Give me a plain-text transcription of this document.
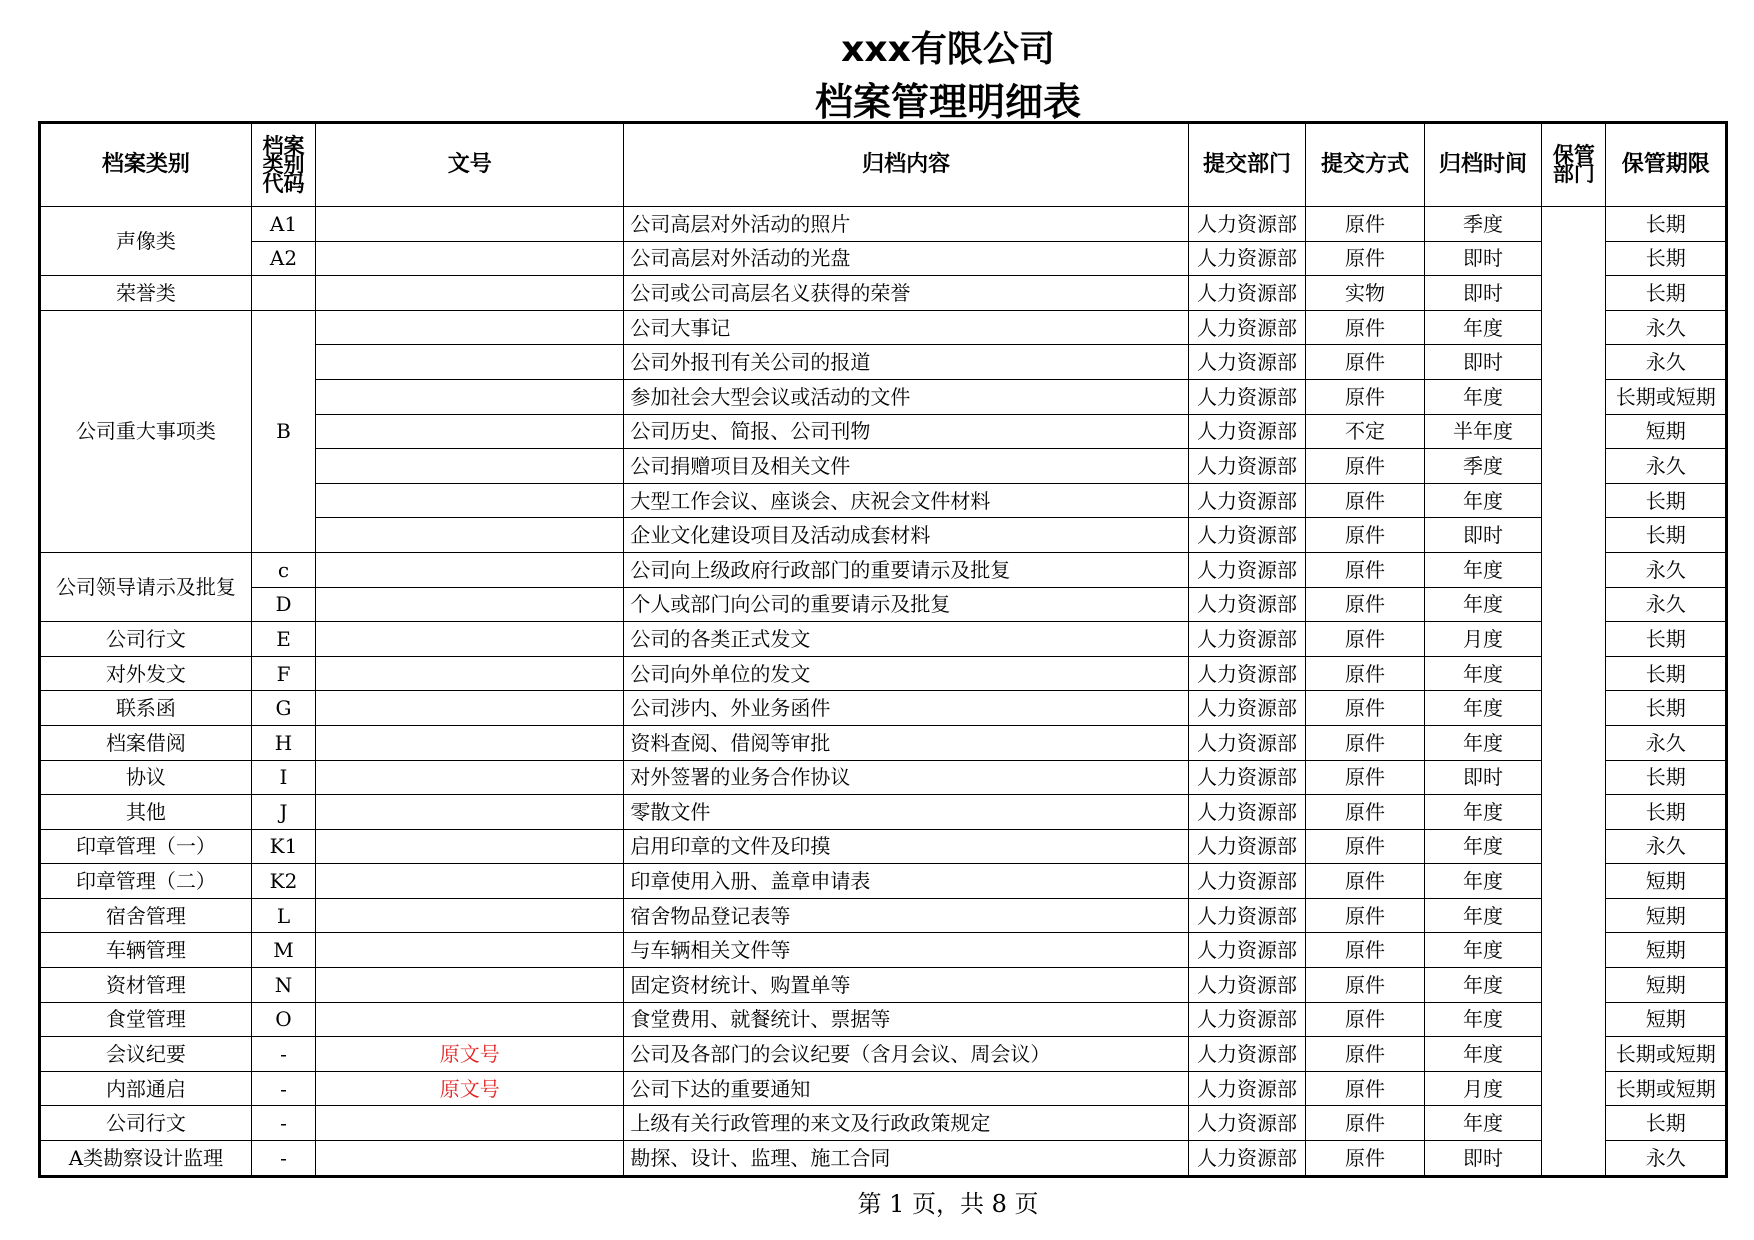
xxx有限公司
档案管理明细表
档案类别	档案类别代码	文号	归档内容	提交部门	提交方式	归档时间	保管部门	保管期限
声像类	A1		公司高层对外活动的照片	人力资源部	原件	季度		长期
	A2		公司高层对外活动的光盘	人力资源部	原件	即时		长期
荣誉类			公司或公司高层名义获得的荣誉	人力资源部	实物	即时		长期
公司重大事项类	B		公司大事记	人力资源部	原件	年度		永久
			公司外报刊有关公司的报道	人力资源部	原件	即时		永久
			参加社会大型会议或活动的文件	人力资源部	原件	年度		长期或短期
			公司历史、简报、公司刊物	人力资源部	不定	半年度		短期
			公司捐赠项目及相关文件	人力资源部	原件	季度		永久
			大型工作会议、座谈会、庆祝会文件材料	人力资源部	原件	年度		长期
			企业文化建设项目及活动成套材料	人力资源部	原件	即时		长期
公司领导请示及批复	c		公司向上级政府行政部门的重要请示及批复	人力资源部	原件	年度		永久
	D		个人或部门向公司的重要请示及批复	人力资源部	原件	年度		永久
公司行文	E		公司的各类正式发文	人力资源部	原件	月度		长期
对外发文	F		公司向外单位的发文	人力资源部	原件	年度		长期
联系函	G		公司涉内、外业务函件	人力资源部	原件	年度		长期
档案借阅	H		资料查阅、借阅等审批	人力资源部	原件	年度		永久
协议	I		对外签署的业务合作协议	人力资源部	原件	即时		长期
其他	J		零散文件	人力资源部	原件	年度		长期
印章管理（一）	K1		启用印章的文件及印摸	人力资源部	原件	年度		永久
印章管理（二）	K2		印章使用入册、盖章申请表	人力资源部	原件	年度		短期
宿舍管理	L		宿舍物品登记表等	人力资源部	原件	年度		短期
车辆管理	M		与车辆相关文件等	人力资源部	原件	年度		短期
资材管理	N		固定资材统计、购置单等	人力资源部	原件	年度		短期
食堂管理	O		食堂费用、就餐统计、票据等	人力资源部	原件	年度		短期
会议纪要	-	原文号	公司及各部门的会议纪要（含月会议、周会议）	人力资源部	原件	年度		长期或短期
内部通启	-	原文号	公司下达的重要通知	人力资源部	原件	月度		长期或短期
公司行文	-		上级有关行政管理的来文及行政政策规定	人力资源部	原件	年度		长期
A类勘察设计监理	-		勘探、设计、监理、施工合同	人力资源部	原件	即时		永久
第 1 页，共 8 页
